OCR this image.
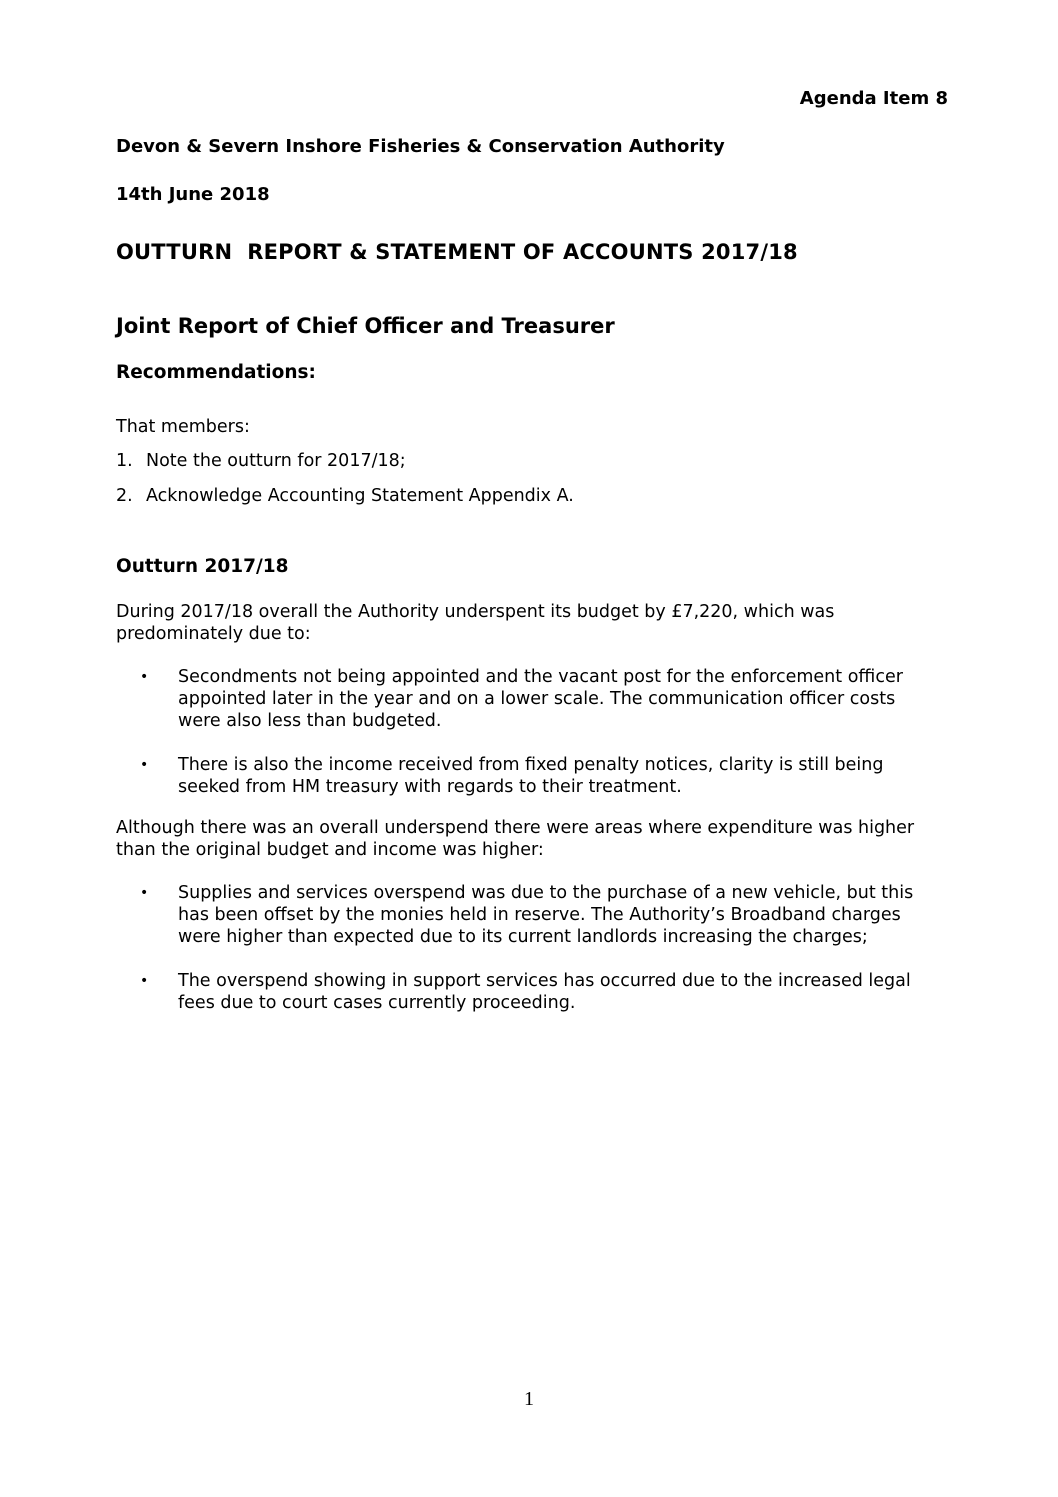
Agenda Item 8
Devon & Severn Inshore Fisheries & Conservation Authority
14th June 2018
OUTTURN  REPORT & STATEMENT OF ACCOUNTS 2017/18
Joint Report of Chief Officer and Treasurer
Recommendations:
That members:
1. Note the outturn for 2017/18;
2. Acknowledge Accounting Statement Appendix A.
Outturn 2017/18
During 2017/18 overall the Authority underspent its budget by £7,220, which was predominately due to:
• Secondments not being appointed and the vacant post for the enforcement officer appointed later in the year and on a lower scale. The communication officer costs were also less than budgeted.
• There is also the income received from fixed penalty notices, clarity is still being seeked from HM treasury with regards to their treatment.
Although there was an overall underspend there were areas where expenditure was higher than the original budget and income was higher:
• Supplies and services overspend was due to the purchase of a new vehicle, but this has been offset by the monies held in reserve. The Authority’s Broadband charges were higher than expected due to its current landlords increasing the charges;
• The overspend showing in support services has occurred due to the increased legal fees due to court cases currently proceeding.
1
